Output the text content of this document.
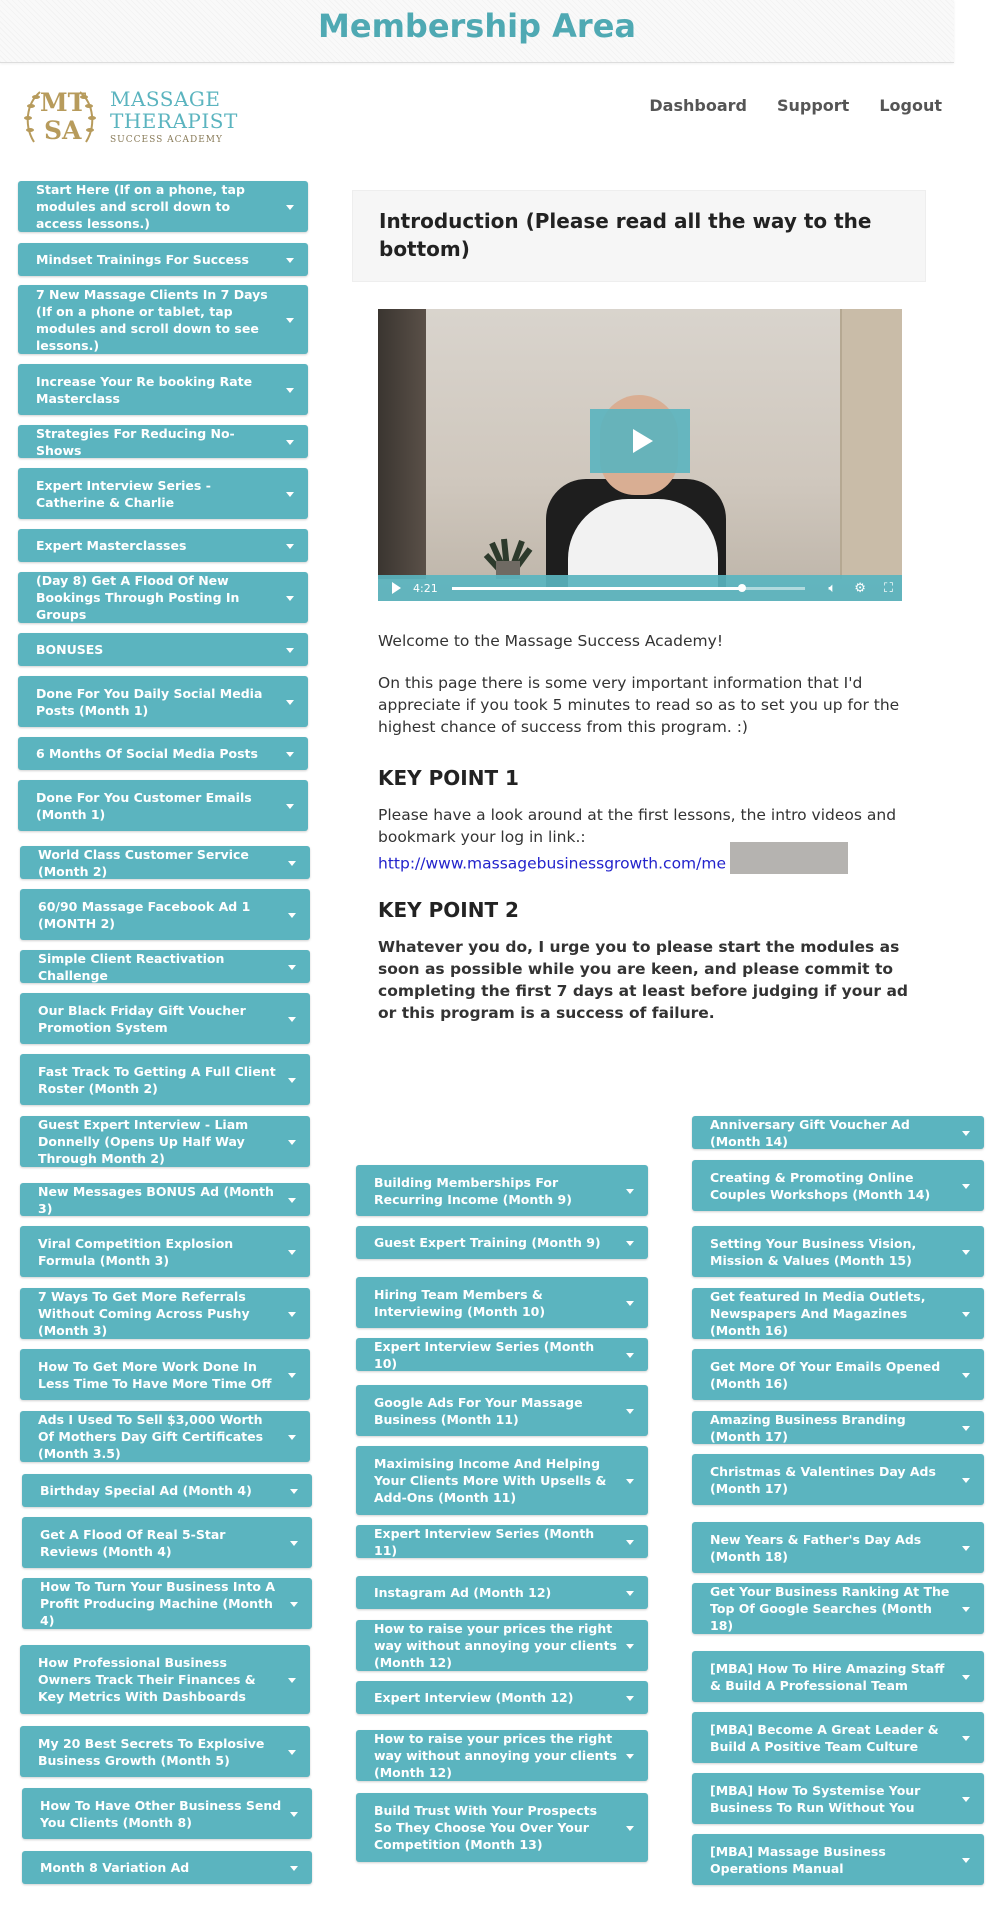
Membership Area
MT
SA
MASSAGE
THERAPIST
SUCCESS ACADEMY
Dashboard Support Logout
Introduction (Please read all the way to the bottom)
4:21	🔈︎ ⚙︎ ⛶
Welcome to the Massage Success Academy!
On this page there is some very important information that I'd appreciate if you took 5 minutes to read so as to set you up for the highest chance of success from this program. :)
KEY POINT 1

Please have a look around at the first lessons, the intro videos and bookmark your log in link.:

http://www.massagebusinessgrowth.com/me
KEY POINT 2
Whatever you do, I urge you to please start the modules as soon as possible while you are keen, and please commit to completing the first 7 days at least before judging if your ad or this program is a success of failure.
Start Here (If on a phone, tap modules and scroll down to access lessons.)
Mindset Trainings For Success
7 New Massage Clients In 7 Days (If on a phone or tablet, tap modules and scroll down to see lessons.)
Increase Your Re booking Rate Masterclass
Strategies For Reducing No-Shows
Expert Interview Series - Catherine & Charlie
Expert Masterclasses
(Day 8) Get A Flood Of New Bookings Through Posting In Groups
BONUSES
Done For You Daily Social Media Posts (Month 1)
6 Months Of Social Media Posts
Done For You Customer Emails (Month 1)
World Class Customer Service (Month 2)
60/90 Massage Facebook Ad 1 (MONTH 2)
Simple Client Reactivation Challenge
Our Black Friday Gift Voucher Promotion System
Fast Track To Getting A Full Client Roster (Month 2)
Guest Expert Interview - Liam Donnelly (Opens Up Half Way Through Month 2)
New Messages BONUS Ad (Month 3)
Viral Competition Explosion Formula (Month 3)
7 Ways To Get More Referrals Without Coming Across Pushy (Month 3)
How To Get More Work Done In Less Time To Have More Time Off
Ads I Used To Sell $3,000 Worth Of Mothers Day Gift Certificates (Month 3.5)
Birthday Special Ad (Month 4)
Get A Flood Of Real 5-Star Reviews (Month 4)
How To Turn Your Business Into A Profit Producing Machine (Month 4)
How Professional Business Owners Track Their Finances & Key Metrics With Dashboards
My 20 Best Secrets To Explosive Business Growth (Month 5)
How To Have Other Business Send You Clients (Month 8)
Month 8 Variation Ad
Building Memberships For Recurring Income (Month 9)
Guest Expert Training (Month 9)
Hiring Team Members & Interviewing (Month 10)
Expert Interview Series (Month 10)
Google Ads For Your Massage Business (Month 11)
Maximising Income And Helping Your Clients More With Upsells & Add-Ons (Month 11)
Expert Interview Series (Month 11)
Instagram Ad (Month 12)
How to raise your prices the right way without annoying your clients (Month 12)
Expert Interview (Month 12)
How to raise your prices the right way without annoying your clients (Month 12)
Build Trust With Your Prospects So They Choose You Over Your Competition (Month 13)
Anniversary Gift Voucher Ad (Month 14)
Creating & Promoting Online Couples Workshops (Month 14)
Setting Your Business Vision, Mission & Values (Month 15)
Get featured In Media Outlets, Newspapers And Magazines (Month 16)
Get More Of Your Emails Opened (Month 16)
Amazing Business Branding (Month 17)
Christmas & Valentines Day Ads (Month 17)
New Years & Father's Day Ads (Month 18)
Get Your Business Ranking At The Top Of Google Searches (Month 18)
[MBA] How To Hire Amazing Staff & Build A Professional Team
[MBA] Become A Great Leader & Build A Positive Team Culture
[MBA] How To Systemise Your Business To Run Without You
[MBA] Massage Business Operations Manual
